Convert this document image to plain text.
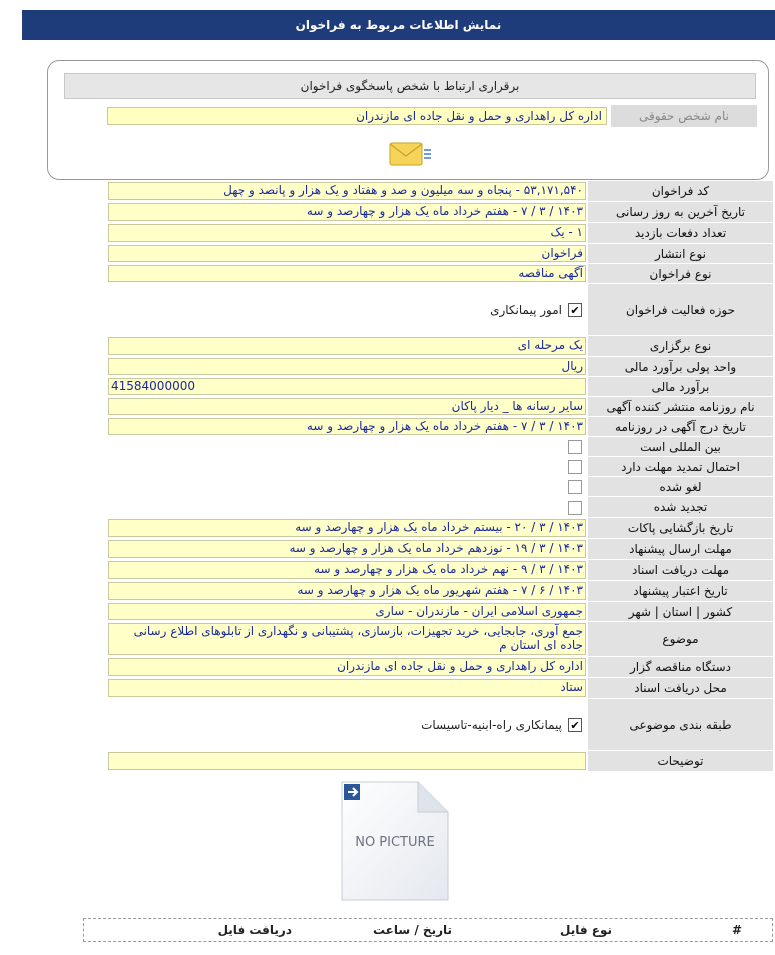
نمایش اطلاعات مربوط به فراخوان
برقراری ارتباط با شخص پاسخگوی فراخوان
نام شخص حقوقی
اداره کل راهداری و حمل و نقل جاده ای مازندران
کد فراخوان
۵۳,۱۷۱,۵۴۰ - پنجاه و سه میلیون و صد و هفتاد و یک هزار و پانصد و چهل
تاریخ آخرین به روز رسانی
۱۴۰۳ / ۳ / ۷ - هفتم خرداد ماه یک هزار و چهارصد و سه
تعداد دفعات بازدید
۱ - یک
نوع انتشار
فراخوان
نوع فراخوان
آگهی مناقصه
حوزه فعالیت فراخوان
✔
امور پیمانکاری
نوع برگزاری
یک مرحله ای
واحد پولی برآورد مالی
ریال
برآورد مالی
41584000000
نام روزنامه منتشر کننده آگهی
سایر رسانه ها _ دیار پاکان
تاریخ درج آگهی در روزنامه
۱۴۰۳ / ۳ / ۷ - هفتم خرداد ماه یک هزار و چهارصد و سه
بین المللی است
احتمال تمدید مهلت دارد
لغو شده
تجدید شده
تاریخ بازگشایی پاکات
۱۴۰۳ / ۳ / ۲۰ - بیستم خرداد ماه یک هزار و چهارصد و سه
مهلت ارسال پیشنهاد
۱۴۰۳ / ۳ / ۱۹ - نوزدهم خرداد ماه یک هزار و چهارصد و سه
مهلت دریافت اسناد
۱۴۰۳ / ۳ / ۹ - نهم خرداد ماه یک هزار و چهارصد و سه
تاریخ اعتبار پیشنهاد
۱۴۰۳ / ۶ / ۷ - هفتم شهریور ماه یک هزار و چهارصد و سه
کشور | استان | شهر
جمهوری اسلامی ایران - مازندران - ساری
موضوع
جمع آوری، جابجایی، خرید تجهیزات، بازسازی، پشتیبانی و نگهداری از تابلوهای اطلاع رسانی جاده ای استان م
دستگاه مناقصه گزار
اداره کل راهداری و حمل و نقل جاده ای مازندران
محل دریافت اسناد
ستاد
طبقه بندی موضوعی
✔
پیمانکاری راه-ابنیه-تاسیسات
توضیحات
NO PICTURE
#
نوع فایل
تاریخ / ساعت
دریافت فایل
